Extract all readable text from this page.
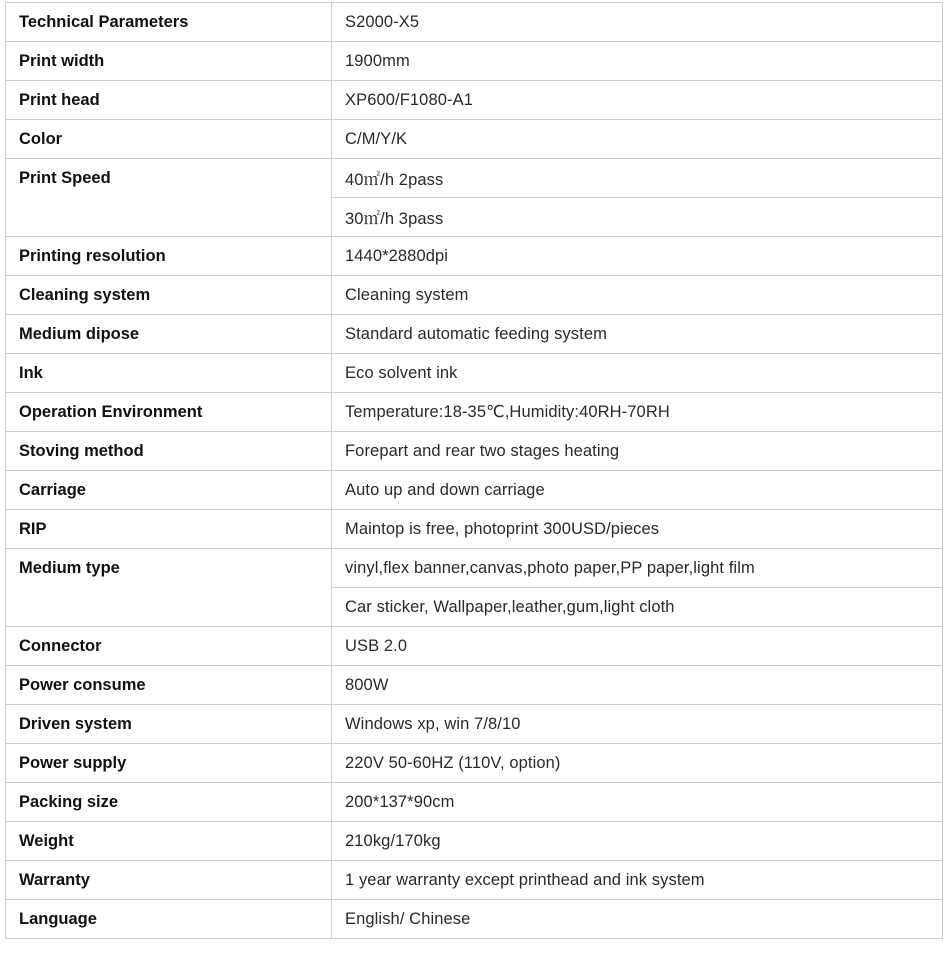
Technical Parameters	S2000-X5
Print width	1900mm
Print head	XP600/F1080-A1
Color	C/M/Y/K
Print Speed	40㎡/h 2pass
	30㎡/h 3pass
Printing resolution	1440*2880dpi
Cleaning system	Cleaning system
Medium dipose	Standard automatic feeding system
Ink	Eco solvent ink
Operation Environment	Temperature:18-35℃,Humidity:40RH-70RH
Stoving method	Forepart and rear two stages heating
Carriage	Auto up and down carriage
RIP	Maintop is free, photoprint 300USD/pieces
Medium type	vinyl,flex banner,canvas,photo paper,PP paper,light film
	Car sticker, Wallpaper,leather,gum,light cloth
Connector	USB 2.0
Power consume	800W
Driven system	Windows xp, win 7/8/10
Power supply	220V 50-60HZ (110V, option)
Packing size	200*137*90cm
Weight	210kg/170kg
Warranty	1 year warranty except printhead and ink system
Language	English/ Chinese
